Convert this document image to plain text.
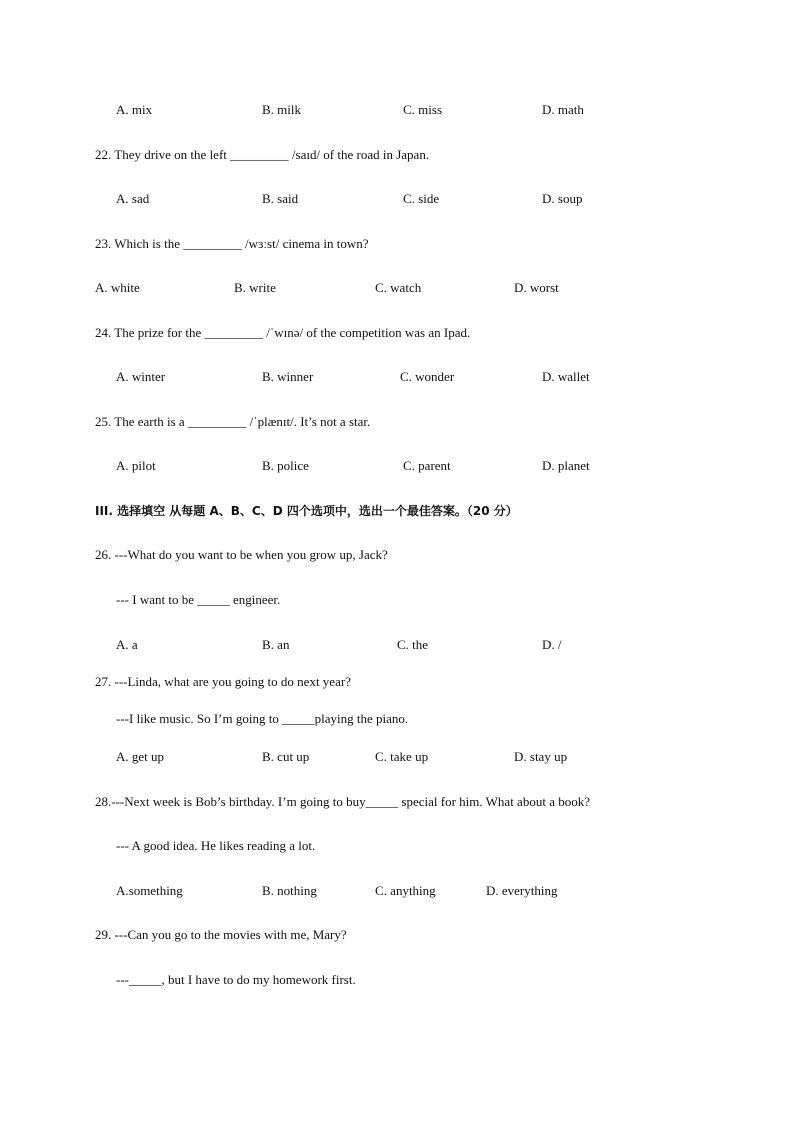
A. mix	B. milk	C. miss	D. math
22. They drive on the left _________ /saɪd/ of the road in Japan.
A. sad	B. said	C. side	D. soup
23. Which is the _________ /wɜːst/ cinema in town?
A. white	B. write	C. watch	D. worst
24. The prize for the _________ /ˈwɪnə/ of the competition was an Ipad.
A. winter	B. winner	C. wonder	D. wallet
25. The earth is a _________ /ˈplænɪt/. It’s not a star.
A. pilot	B. police	C. parent	D. planet
III. 选择填空 从每题 A、B、C、D 四个选项中，选出一个最佳答案。（20 分）
26. ---What do you want to be when you grow up, Jack?
--- I want to be _____ engineer.
A. a	B. an	C. the	D. /
27. ---Linda, what are you going to do next year?
---I like music. So I’m going to _____playing the piano.
A. get up	B. cut up	C. take up	D. stay up
28.---Next week is Bob’s birthday. I’m going to buy_____ special for him. What about a book?
--- A good idea. He likes reading a lot.
A.something	B. nothing	C. anything	D. everything
29. ---Can you go to the movies with me, Mary?
---_____, but I have to do my homework first.
